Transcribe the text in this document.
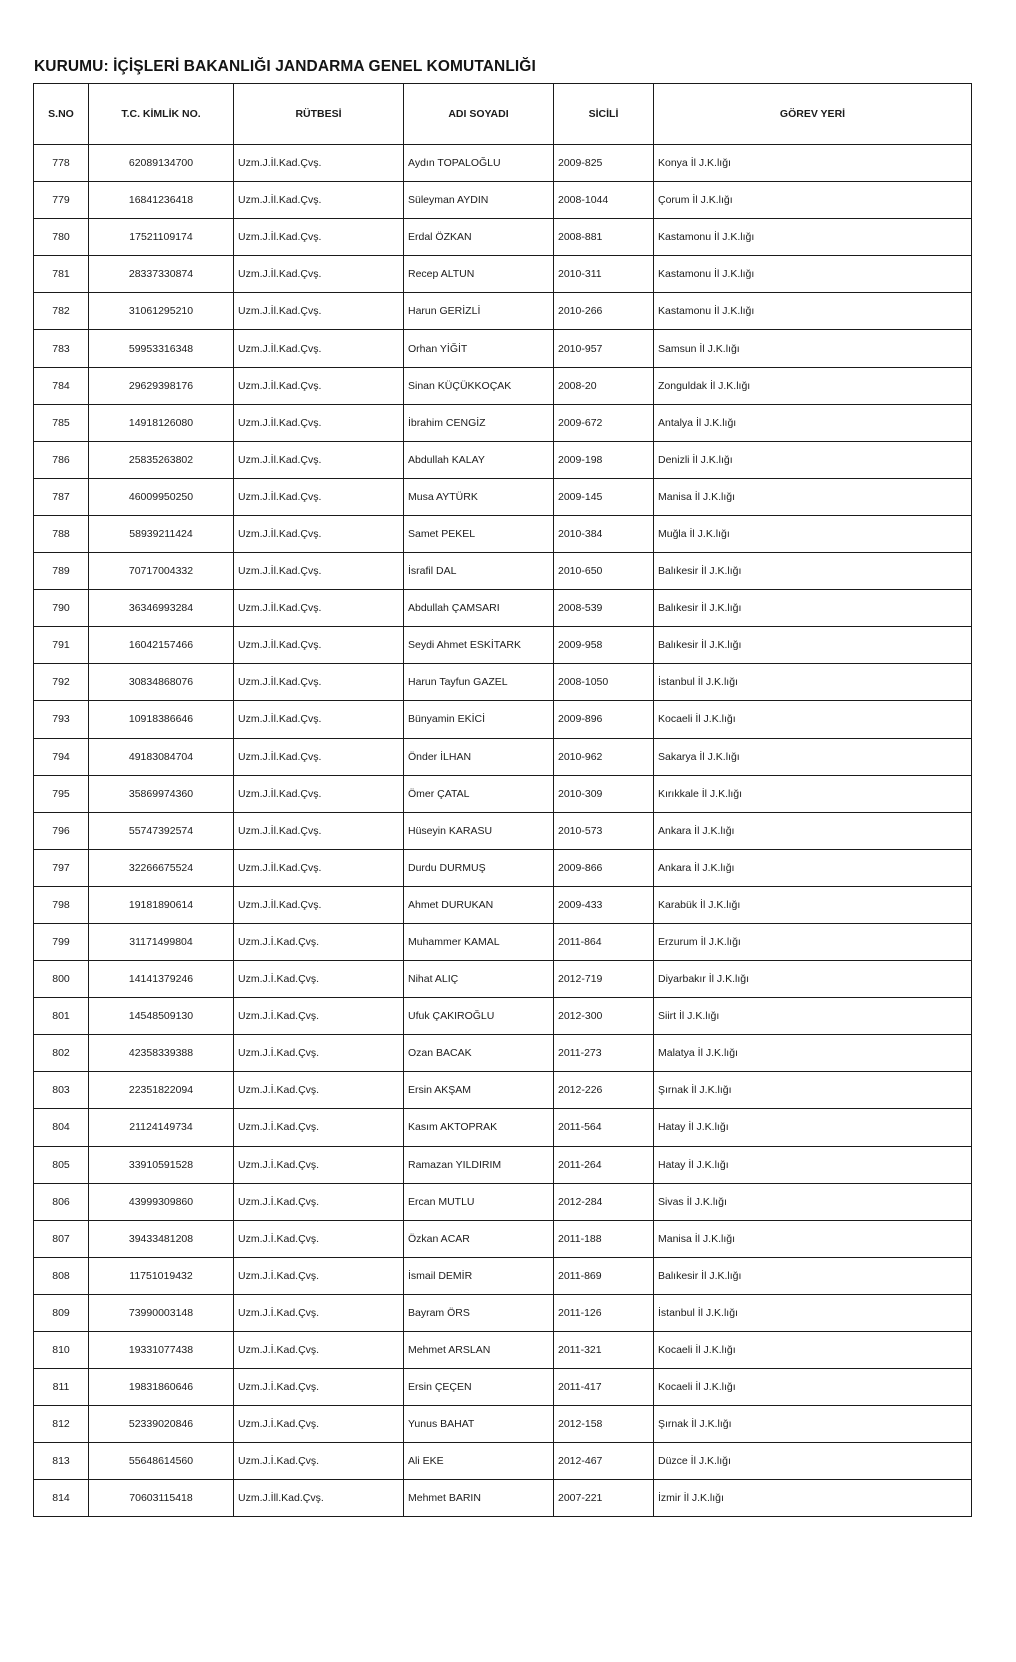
KURUMU: İÇİŞLERİ BAKANLIĞI JANDARMA GENEL KOMUTANLIĞI
S.NO	T.C. KİMLİK NO.	RÜTBESİ	ADI SOYADI	SİCİLİ	GÖREV YERİ
778	62089134700	Uzm.J.İl.Kad.Çvş.	Aydın TOPALOĞLU	2009-825	Konya İl J.K.lığı
779	16841236418	Uzm.J.İl.Kad.Çvş.	Süleyman AYDIN	2008-1044	Çorum İl J.K.lığı
780	17521109174	Uzm.J.İl.Kad.Çvş.	Erdal ÖZKAN	2008-881	Kastamonu İl J.K.lığı
781	28337330874	Uzm.J.İl.Kad.Çvş.	Recep ALTUN	2010-311	Kastamonu İl J.K.lığı
782	31061295210	Uzm.J.İl.Kad.Çvş.	Harun GERİZLİ	2010-266	Kastamonu İl J.K.lığı
783	59953316348	Uzm.J.İl.Kad.Çvş.	Orhan YİĞİT	2010-957	Samsun İl J.K.lığı
784	29629398176	Uzm.J.İl.Kad.Çvş.	Sinan KÜÇÜKKOÇAK	2008-20	Zonguldak İl J.K.lığı
785	14918126080	Uzm.J.İl.Kad.Çvş.	İbrahim CENGİZ	2009-672	Antalya İl J.K.lığı
786	25835263802	Uzm.J.İl.Kad.Çvş.	Abdullah KALAY	2009-198	Denizli İl J.K.lığı
787	46009950250	Uzm.J.İl.Kad.Çvş.	Musa AYTÜRK	2009-145	Manisa İl J.K.lığı
788	58939211424	Uzm.J.İl.Kad.Çvş.	Samet PEKEL	2010-384	Muğla İl J.K.lığı
789	70717004332	Uzm.J.İl.Kad.Çvş.	İsrafil DAL	2010-650	Balıkesir İl J.K.lığı
790	36346993284	Uzm.J.İl.Kad.Çvş.	Abdullah ÇAMSARI	2008-539	Balıkesir İl J.K.lığı
791	16042157466	Uzm.J.İl.Kad.Çvş.	Seydi Ahmet ESKİTARK	2009-958	Balıkesir İl J.K.lığı
792	30834868076	Uzm.J.İl.Kad.Çvş.	Harun Tayfun GAZEL	2008-1050	İstanbul İl J.K.lığı
793	10918386646	Uzm.J.İl.Kad.Çvş.	Bünyamin EKİCİ	2009-896	Kocaeli İl J.K.lığı
794	49183084704	Uzm.J.İl.Kad.Çvş.	Önder İLHAN	2010-962	Sakarya İl J.K.lığı
795	35869974360	Uzm.J.İl.Kad.Çvş.	Ömer ÇATAL	2010-309	Kırıkkale İl J.K.lığı
796	55747392574	Uzm.J.İl.Kad.Çvş.	Hüseyin KARASU	2010-573	Ankara İl J.K.lığı
797	32266675524	Uzm.J.İl.Kad.Çvş.	Durdu DURMUŞ	2009-866	Ankara İl J.K.lığı
798	19181890614	Uzm.J.İl.Kad.Çvş.	Ahmet DURUKAN	2009-433	Karabük İl J.K.lığı
799	31171499804	Uzm.J.İ.Kad.Çvş.	Muhammer KAMAL	2011-864	Erzurum İl J.K.lığı
800	14141379246	Uzm.J.İ.Kad.Çvş.	Nihat ALIÇ	2012-719	Diyarbakır İl J.K.lığı
801	14548509130	Uzm.J.İ.Kad.Çvş.	Ufuk ÇAKIROĞLU	2012-300	Siirt İl J.K.lığı
802	42358339388	Uzm.J.İ.Kad.Çvş.	Ozan BACAK	2011-273	Malatya İl J.K.lığı
803	22351822094	Uzm.J.İ.Kad.Çvş.	Ersin AKŞAM	2012-226	Şırnak İl J.K.lığı
804	21124149734	Uzm.J.İ.Kad.Çvş.	Kasım AKTOPRAK	2011-564	Hatay İl J.K.lığı
805	33910591528	Uzm.J.İ.Kad.Çvş.	Ramazan YILDIRIM	2011-264	Hatay İl J.K.lığı
806	43999309860	Uzm.J.İ.Kad.Çvş.	Ercan MUTLU	2012-284	Sivas İl J.K.lığı
807	39433481208	Uzm.J.İ.Kad.Çvş.	Özkan ACAR	2011-188	Manisa İl J.K.lığı
808	11751019432	Uzm.J.İ.Kad.Çvş.	İsmail DEMİR	2011-869	Balıkesir İl J.K.lığı
809	73990003148	Uzm.J.İ.Kad.Çvş.	Bayram ÖRS	2011-126	İstanbul İl J.K.lığı
810	19331077438	Uzm.J.İ.Kad.Çvş.	Mehmet ARSLAN	2011-321	Kocaeli İl J.K.lığı
811	19831860646	Uzm.J.İ.Kad.Çvş.	Ersin ÇEÇEN	2011-417	Kocaeli İl J.K.lığı
812	52339020846	Uzm.J.İ.Kad.Çvş.	Yunus BAHAT	2012-158	Şırnak İl J.K.lığı
813	55648614560	Uzm.J.İ.Kad.Çvş.	Ali EKE	2012-467	Düzce İl J.K.lığı
814	70603115418	Uzm.J.İll.Kad.Çvş.	Mehmet BARIN	2007-221	İzmir İl J.K.lığı
